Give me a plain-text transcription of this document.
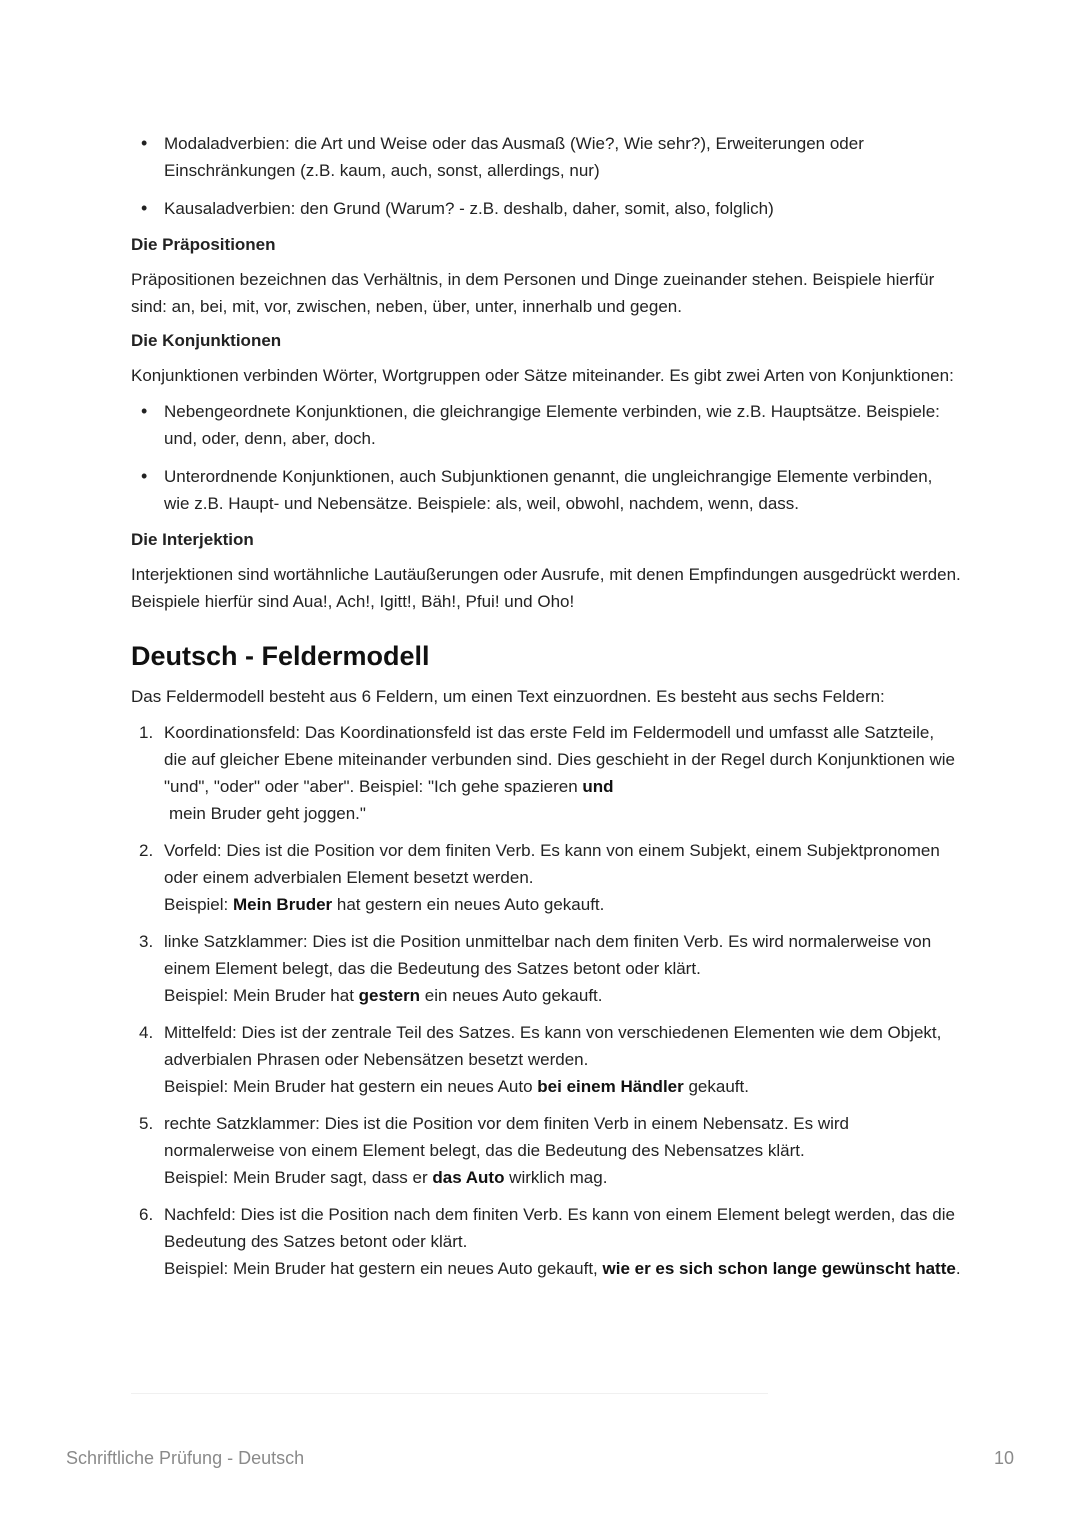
• Modaladverbien: die Art und Weise oder das Ausmaß (Wie?, Wie sehr?), Erweiterungen oder Einschränkungen (z.B. kaum, auch, sonst, allerdings, nur)
• Kausaladverbien: den Grund (Warum? - z.B. deshalb, daher, somit, also, folglich)
Die Präpositionen

Präpositionen bezeichnen das Verhältnis, in dem Personen und Dinge zueinander stehen. Beispiele hierfür sind: an, bei, mit, vor, zwischen, neben, über, unter, innerhalb und gegen.

Die Konjunktionen

Konjunktionen verbinden Wörter, Wortgruppen oder Sätze miteinander. Es gibt zwei Arten von Konjunktionen:

• Nebengeordnete Konjunktionen, die gleichrangige Elemente verbinden, wie z.B. Hauptsätze. Beispiele: und, oder, denn, aber, doch.
• Unterordnende Konjunktionen, auch Subjunktionen genannt, die ungleichrangige Elemente verbinden, wie z.B. Haupt- und Nebensätze. Beispiele: als, weil, obwohl, nachdem, wenn, dass.
Die Interjektion

Interjektionen sind wortähnliche Lautäußerungen oder Ausrufe, mit denen Empfindungen ausgedrückt werden. Beispiele hierfür sind Aua!, Ach!, Igitt!, Bäh!, Pfui! und Oho!

Deutsch - Feldermodell

Das Feldermodell besteht aus 6 Feldern, um einen Text einzuordnen. Es besteht aus sechs Feldern:

1. Koordinationsfeld: Das Koordinationsfeld ist das erste Feld im Feldermodell und umfasst alle Satzteile, die auf gleicher Ebene miteinander verbunden sind. Dies geschieht in der Regel durch Konjunktionen wie "und", "oder" oder "aber". Beispiel: "Ich gehe spazieren und
mein Bruder geht joggen."
2. Vorfeld: Dies ist die Position vor dem finiten Verb. Es kann von einem Subjekt, einem Subjektpronomen oder einem adverbialen Element besetzt werden.
Beispiel: Mein Bruder hat gestern ein neues Auto gekauft.
3. linke Satzklammer: Dies ist die Position unmittelbar nach dem finiten Verb. Es wird normalerweise von einem Element belegt, das die Bedeutung des Satzes betont oder klärt.
Beispiel: Mein Bruder hat gestern ein neues Auto gekauft.
4. Mittelfeld: Dies ist der zentrale Teil des Satzes. Es kann von verschiedenen Elementen wie dem Objekt, adverbialen Phrasen oder Nebensätzen besetzt werden.
Beispiel: Mein Bruder hat gestern ein neues Auto bei einem Händler gekauft.
5. rechte Satzklammer: Dies ist die Position vor dem finiten Verb in einem Nebensatz. Es wird normalerweise von einem Element belegt, das die Bedeutung des Nebensatzes klärt.
Beispiel: Mein Bruder sagt, dass er das Auto wirklich mag.
6. Nachfeld: Dies ist die Position nach dem finiten Verb. Es kann von einem Element belegt werden, das die Bedeutung des Satzes betont oder klärt.
Beispiel: Mein Bruder hat gestern ein neues Auto gekauft, wie er es sich schon lange gewünscht hatte.
Schriftliche Prüfung - Deutsch	10
